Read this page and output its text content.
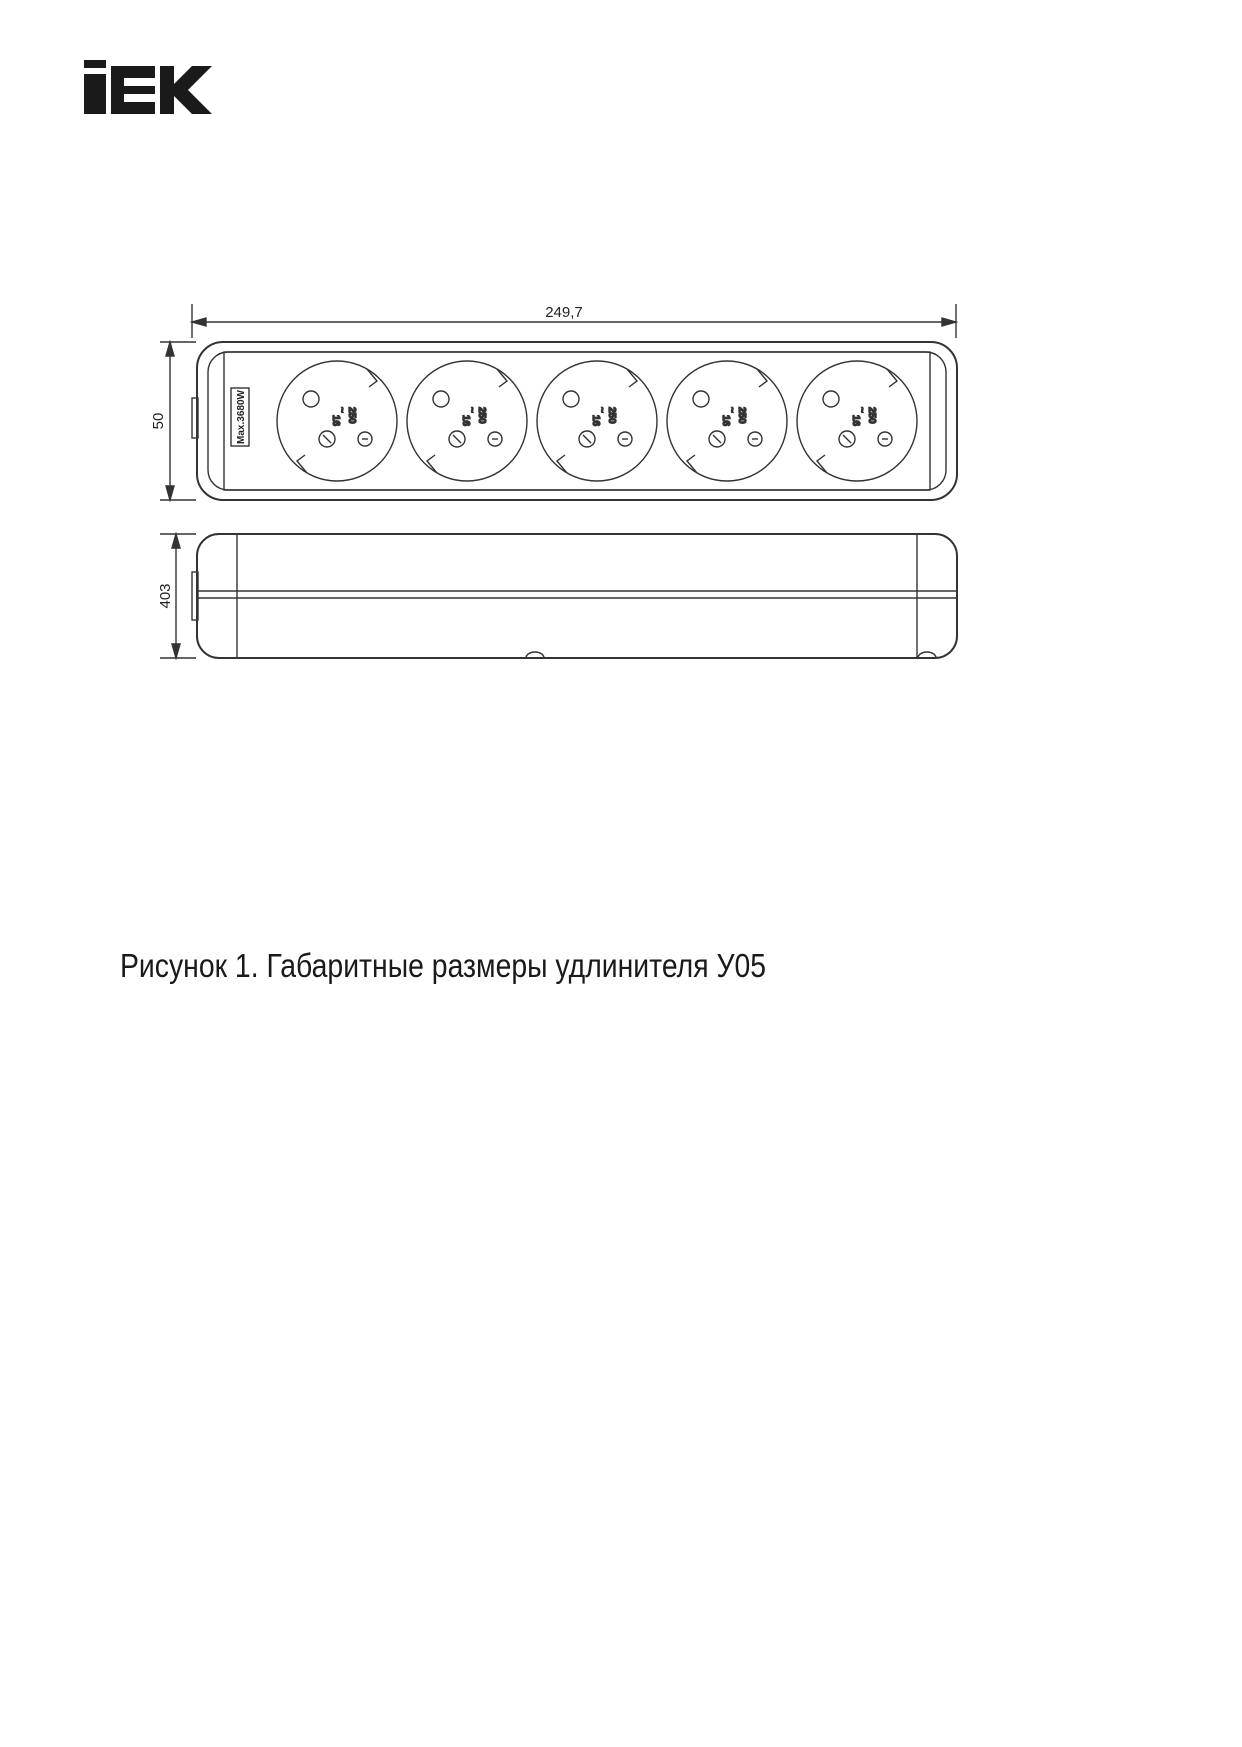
250
~
16	250
~
16	250
~
16	250
~
16	250
~
16
249,7
50
403
Max.3680W
Рисунок 1. Габаритные размеры удлинителя У05
